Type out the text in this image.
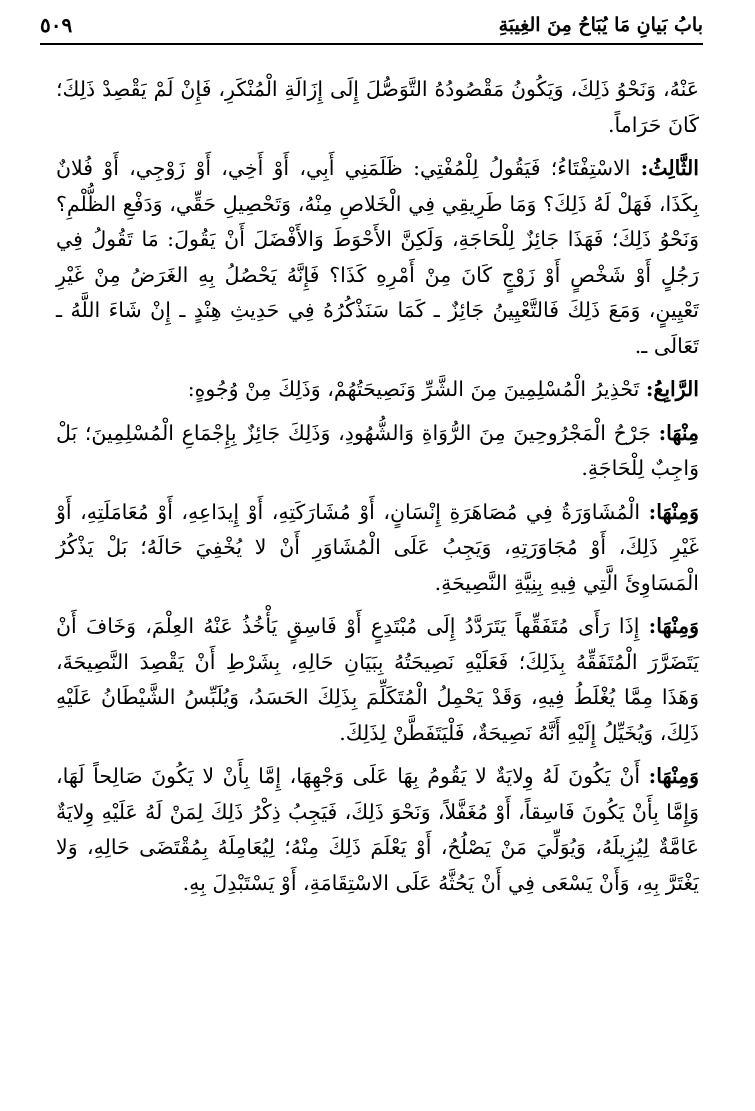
بابُ بَيانِ مَا يُبَاحُ مِنَ الغِيبَةِ
٥٠٩

عَنْهُ، وَنَحْوُ ذَلِكَ، وَيَكُونُ مَقْصُودُهُ التَّوَصُّلَ إِلَى إِزَالَةِ الْمُنْكَرِ، فَإِنْ لَمْ يَقْصِدْ ذَلِكَ؛ كَانَ حَرَاماً.

الثَّالِثُ: الاسْتِفْتَاءُ؛ فَيَقُولُ لِلْمُفْتِي: ظَلَمَنِي أَبِي، أَوْ أَخِي، أَوْ زَوْجِي، أَوْ فُلانٌ بِكَذَا، فَهَلْ لَهُ ذَلِكَ؟ وَمَا طَرِيقِي فِي الْخَلاصِ مِنْهُ، وَتَحْصِيلِ حَقِّي، وَدَفْعِ الظُّلْمِ؟ وَنَحْوُ ذَلِكَ؛ فَهَذَا جَائِزٌ لِلْحَاجَةِ، وَلَكِنَّ الأَحْوَطَ وَالأَفْضَلَ أَنْ يَقُولَ: مَا تَقُولُ فِي رَجُلٍ أَوْ شَخْصٍ أَوْ زَوْجٍ كَانَ مِنْ أَمْرِهِ كَذَا؟ فَإِنَّهُ يَحْصُلُ بِهِ الغَرَضُ مِنْ غَيْرِ تَعْيِينٍ، وَمَعَ ذَلِكَ فَالتَّعْيِينُ جَائِزٌ ـ كَمَا سَنَذْكُرُهُ فِي حَدِيثِ هِنْدٍ ـ إِنْ شَاءَ اللَّهُ ـ تَعَالَى ـ.

الرَّابِعُ: تَحْذِيرُ الْمُسْلِمِينَ مِنَ الشَّرِّ وَنَصِيحَتُهُمْ، وَذَلِكَ مِنْ وُجُوهٍ:

مِنْهَا: جَرْحُ الْمَجْرُوحِينَ مِنَ الرُّوَاةِ وَالشُّهُودِ، وَذَلِكَ جَائِزٌ بِإِجْمَاعِ الْمُسْلِمِينَ؛ بَلْ وَاجِبٌ لِلْحَاجَةِ.

وَمِنْهَا: الْمُشَاوَرَةُ فِي مُصَاهَرَةِ إِنْسَانٍ، أَوْ مُشَارَكَتِهِ، أَوْ إِيدَاعِهِ، أَوْ مُعَامَلَتِهِ، أَوْ غَيْرِ ذَلِكَ، أَوْ مُجَاوَرَتِهِ، وَيَجِبُ عَلَى الْمُشَاوَرِ أَنْ لا يُخْفِيَ حَالَهُ؛ بَلْ يَذْكُرُ الْمَسَاوِئَ الَّتِي فِيهِ بِنِيَّةِ النَّصِيحَةِ.

وَمِنْهَا: إِذَا رَأَى مُتَفَقِّهاً يَتَرَدَّدُ إِلَى مُبْتَدِعٍ أَوْ فَاسِقٍ يَأْخُذُ عَنْهُ العِلْمَ، وَخَافَ أَنْ يَتَضَرَّرَ الْمُتَفَقِّهُ بِذَلِكَ؛ فَعَلَيْهِ نَصِيحَتُهُ بِبَيَانِ حَالِهِ، بِشَرْطِ أَنْ يَقْصِدَ النَّصِيحَةَ، وَهَذَا مِمَّا يُغْلَطُ فِيهِ، وَقَدْ يَحْمِلُ الْمُتَكَلِّمَ بِذَلِكَ الحَسَدُ، وَيُلَبِّسُ الشَّيْطَانُ عَلَيْهِ ذَلِكَ، وَيُخَيِّلُ إِلَيْهِ أَنَّهُ نَصِيحَةٌ، فَلْيَتَفَطَّنْ لِذَلِكَ.

وَمِنْهَا: أَنْ يَكُونَ لَهُ وِلايَةٌ لا يَقُومُ بِهَا عَلَى وَجْهِهَا، إِمَّا بِأَنْ لا يَكُونَ صَالِحاً لَهَا، وَإِمَّا بِأَنْ يَكُونَ فَاسِقاً، أَوْ مُغَفَّلاً، وَنَحْوَ ذَلِكَ، فَيَجِبُ ذِكْرُ ذَلِكَ لِمَنْ لَهُ عَلَيْهِ وِلايَةٌ عَامَّةٌ لِيُزِيلَهُ، وَيُوَلِّيَ مَنْ يَصْلُحُ، أَوْ يَعْلَمَ ذَلِكَ مِنْهُ؛ لِيُعَامِلَهُ بِمُقْتَضَى حَالِهِ، وَلا يَغْتَرَّ بِهِ، وَأَنْ يَسْعَى فِي أَنْ يَحُثَّهُ عَلَى الاسْتِقَامَةِ، أَوْ يَسْتَبْدِلَ بِهِ.
